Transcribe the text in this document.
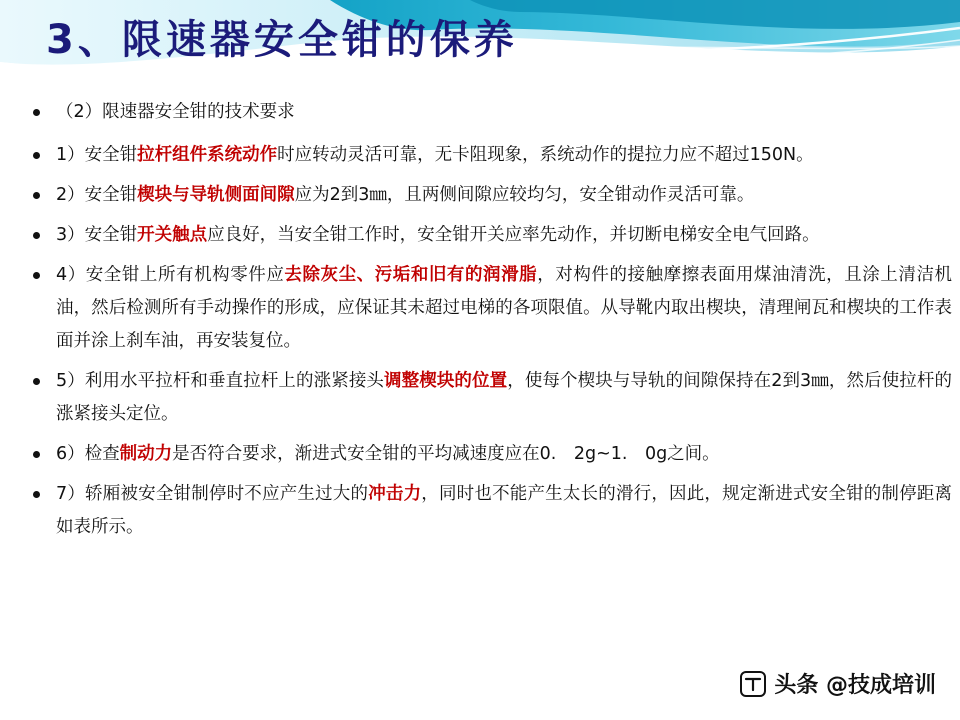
3、限速器安全钳的保养
（2）限速器安全钳的技术要求
1）安全钳拉杆组件系统动作时应转动灵活可靠，无卡阻现象，系统动作的提拉力应不超过150N。
2）安全钳楔块与导轨侧面间隙应为2到3㎜，且两侧间隙应较均匀，安全钳动作灵活可靠。
3）安全钳开关触点应良好，当安全钳工作时，安全钳开关应率先动作，并切断电梯安全电气回路。
4）安全钳上所有机构零件应去除灰尘、污垢和旧有的润滑脂，对构件的接触摩擦表面用煤油清洗，且涂上清洁机油，然后检测所有手动操作的形成，应保证其未超过电梯的各项限值。从导靴内取出楔块，清理闸瓦和楔块的工作表面并涂上刹车油，再安装复位。
5）利用水平拉杆和垂直拉杆上的涨紧接头调整楔块的位置，使每个楔块与导轨的间隙保持在2到3㎜，然后使拉杆的涨紧接头定位。
6）检查制动力是否符合要求，渐进式安全钳的平均减速度应在0.　2g~1.　0g之间。
7）轿厢被安全钳制停时不应产生过大的冲击力，同时也不能产生太长的滑行，因此，规定渐进式安全钳的制停距离如表所示。
头条 @技成培训
